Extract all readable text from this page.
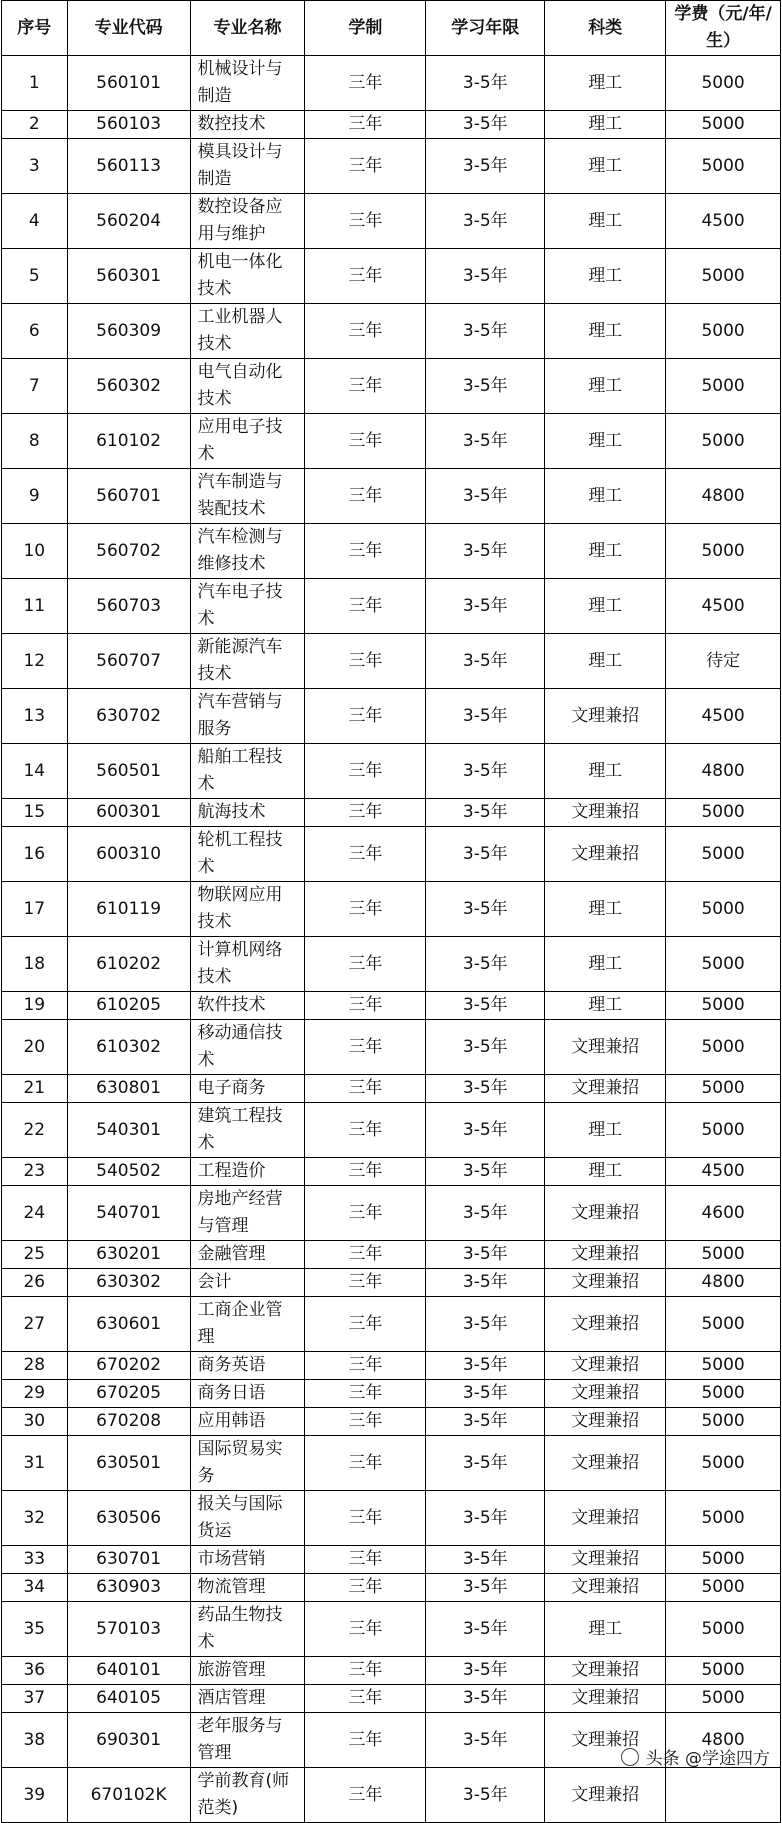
序号	专业代码	专业名称	学制	学习年限	科类	学费（元/年/生）
1	560101	机械设计与制造	三年	3-5年	理工	5000
2	560103	数控技术	三年	3-5年	理工	5000
3	560113	模具设计与制造	三年	3-5年	理工	5000
4	560204	数控设备应用与维护	三年	3-5年	理工	4500
5	560301	机电一体化技术	三年	3-5年	理工	5000
6	560309	工业机器人技术	三年	3-5年	理工	5000
7	560302	电气自动化技术	三年	3-5年	理工	5000
8	610102	应用电子技术	三年	3-5年	理工	5000
9	560701	汽车制造与装配技术	三年	3-5年	理工	4800
10	560702	汽车检测与维修技术	三年	3-5年	理工	5000
11	560703	汽车电子技术	三年	3-5年	理工	4500
12	560707	新能源汽车技术	三年	3-5年	理工	待定
13	630702	汽车营销与服务	三年	3-5年	文理兼招	4500
14	560501	船舶工程技术	三年	3-5年	理工	4800
15	600301	航海技术	三年	3-5年	文理兼招	5000
16	600310	轮机工程技术	三年	3-5年	文理兼招	5000
17	610119	物联网应用技术	三年	3-5年	理工	5000
18	610202	计算机网络技术	三年	3-5年	理工	5000
19	610205	软件技术	三年	3-5年	理工	5000
20	610302	移动通信技术	三年	3-5年	文理兼招	5000
21	630801	电子商务	三年	3-5年	文理兼招	5000
22	540301	建筑工程技术	三年	3-5年	理工	5000
23	540502	工程造价	三年	3-5年	理工	4500
24	540701	房地产经营与管理	三年	3-5年	文理兼招	4600
25	630201	金融管理	三年	3-5年	文理兼招	5000
26	630302	会计	三年	3-5年	文理兼招	4800
27	630601	工商企业管理	三年	3-5年	文理兼招	5000
28	670202	商务英语	三年	3-5年	文理兼招	5000
29	670205	商务日语	三年	3-5年	文理兼招	5000
30	670208	应用韩语	三年	3-5年	文理兼招	5000
31	630501	国际贸易实务	三年	3-5年	文理兼招	5000
32	630506	报关与国际货运	三年	3-5年	文理兼招	5000
33	630701	市场营销	三年	3-5年	文理兼招	5000
34	630903	物流管理	三年	3-5年	文理兼招	5000
35	570103	药品生物技术	三年	3-5年	理工	5000
36	640101	旅游管理	三年	3-5年	文理兼招	5000
37	640105	酒店管理	三年	3-5年	文理兼招	5000
38	690301	老年服务与管理	三年	3-5年	文理兼招	4800
39	670102K	学前教育(师范类)	三年	3-5年	文理兼招	
头条 @学途四方
